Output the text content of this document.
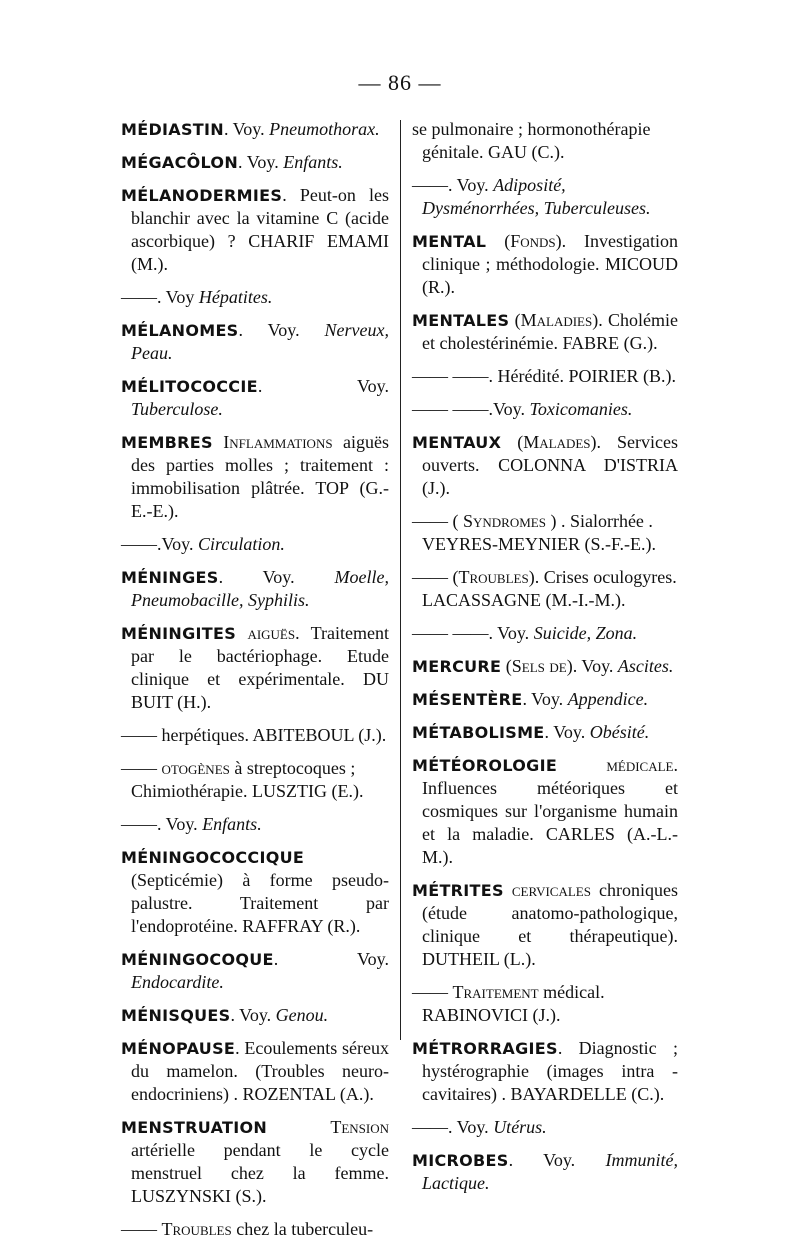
— 86 —

MÉDIASTIN. Voy. Pneumothorax.

MÉGACÔLON. Voy. Enfants.

MÉLANODERMIES. Peut-on les blanchir avec la vitamine C (acide ascorbique) ? CHARIF EMAMI (M.).

——. Voy Hépatites.

MÉLANOMES. Voy. Nerveux, Peau.

MÉLITOCOCCIE. Voy. Tuberculose.

MEMBRES Inflammations aiguës des parties molles ; traitement : immobilisation plâtrée. TOP (G.-E.-E.).

——.Voy. Circulation.

MÉNINGES. Voy. Moelle, Pneumobacille, Syphilis.

MÉNINGITES aiguës. Traitement par le bactériophage. Etude clinique et expérimentale. DU BUIT (H.).

—— herpétiques. ABITEBOUL (J.).

—— otogènes à streptocoques ; Chimiothérapie. LUSZTIG (E.).

——. Voy. Enfants.

MÉNINGOCOCCIQUE (Septicémie) à forme pseudo-palustre. Traitement par l'endoprotéine. RAFFRAY (R.).

MÉNINGOCOQUE. Voy. Endocardite.

MÉNISQUES. Voy. Genou.

MÉNOPAUSE. Ecoulements séreux du mamelon. (Troubles neuro-endocriniens) . ROZENTAL (A.).

MENSTRUATION	Tension artérielle pendant le cycle menstruel chez la femme. LUSZYNSKI (S.).

—— Troubles chez la tuberculeu-

se pulmonaire ; hormonothérapie génitale. GAU (C.).

——. Voy. Adiposité, Dysménorrhées, Tuberculeuses.

MENTAL (Fonds). Investigation clinique ; méthodologie. MICOUD (R.).

MENTALES (Maladies). Cholémie et cholestérinémie. FABRE (G.).

—— ——. Hérédité. POIRIER (B.).

—— ——.Voy. Toxicomanies.

MENTAUX (Malades). Services ouverts. COLONNA D'ISTRIA (J.).

—— ( Syndromes ) . Sialorrhée . VEYRES-MEYNIER (S.-F.-E.).

—— (Troubles). Crises oculogyres. LACASSAGNE (M.-I.-M.).

—— ——. Voy. Suicide, Zona.

MERCURE (Sels de). Voy. Ascites.

MÉSENTÈRE. Voy. Appendice.

MÉTABOLISME. Voy. Obésité.

MÉTÉOROLOGIE	médicale. Influences météoriques et cosmiques sur l'organisme humain et la maladie. CARLES (A.-L.-M.).

MÉTRITES cervicales chroniques (étude anatomo-pathologique, clinique et thérapeutique). DUTHEIL (L.).

—— Traitement médical. RABINOVICI (J.).

MÉTRORRAGIES. Diagnostic ; hystérographie (images intra - cavitaires) . BAYARDELLE (C.).

——. Voy. Utérus.

MICROBES. Voy. Immunité, Lactique.
